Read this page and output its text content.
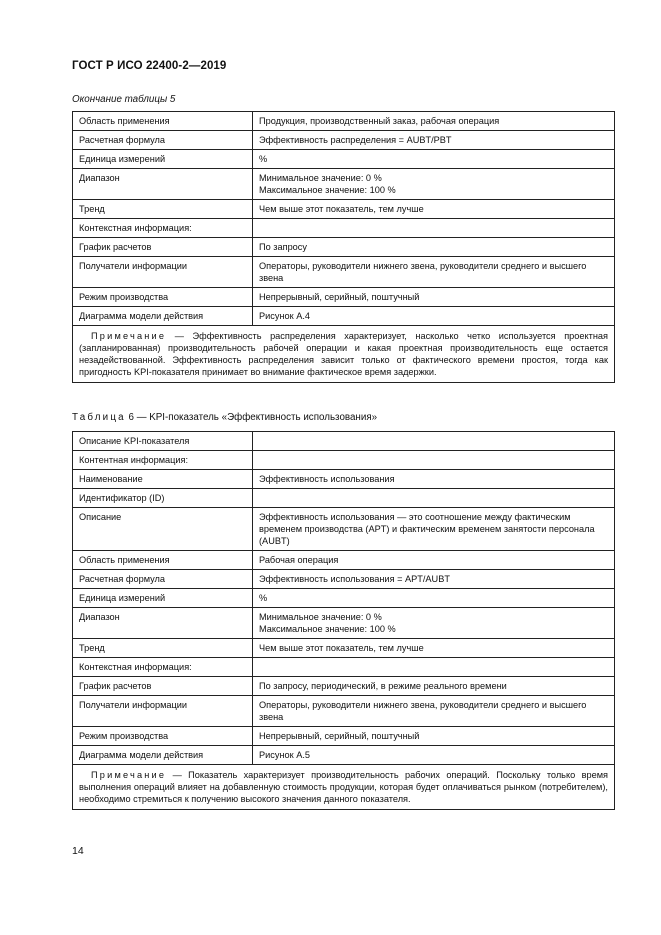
ГОСТ Р ИСО 22400-2—2019
Окончание таблицы 5
Область применения	Продукция, производственный заказ, рабочая операция
Расчетная формула	Эффективность распределения = AUBT/PBT
Единица измерений	%
Диапазон	Минимальное значение: 0 %
Максимальное значение: 100 %
Тренд	Чем выше этот показатель, тем лучше
Контекстная информация:	
График расчетов	По запросу
Получатели информации	Операторы, руководители нижнего звена, руководители среднего и высшего звена
Режим производства	Непрерывный, серийный, поштучный
Диаграмма модели действия	Рисунок А.4
Примечание — Эффективность распределения характеризует, насколько четко используется проектная (запланированная) производительность рабочей операции и какая проектная производительность еще остается незадействованной. Эффективность распределения зависит только от фактического времени простоя, тогда как пригодность KPI-показателя принимает во внимание фактическое время задержки.	
Таблица 6 — KPI-показатель «Эффективность использования»
Описание KPI-показателя	
Контентная информация:	
Наименование	Эффективность использования
Идентификатор (ID)	
Описание	Эффективность использования — это соотношение между фактическим временем производства (APT) и фактическим временем занятости персонала (AUBT)
Область применения	Рабочая операция
Расчетная формула	Эффективность использования = APT/AUBT
Единица измерений	%
Диапазон	Минимальное значение: 0 %
Максимальное значение: 100 %
Тренд	Чем выше этот показатель, тем лучше
Контекстная информация:	
График расчетов	По запросу, периодический, в режиме реального времени
Получатели информации	Операторы, руководители нижнего звена, руководители среднего и высшего звена
Режим производства	Непрерывный, серийный, поштучный
Диаграмма модели действия	Рисунок А.5
Примечание — Показатель характеризует производительность рабочих операций. Поскольку только время выполнения операций влияет на добавленную стоимость продукции, которая будет оплачиваться рынком (потребителем), необходимо стремиться к получению высокого значения данного показателя.	
14
